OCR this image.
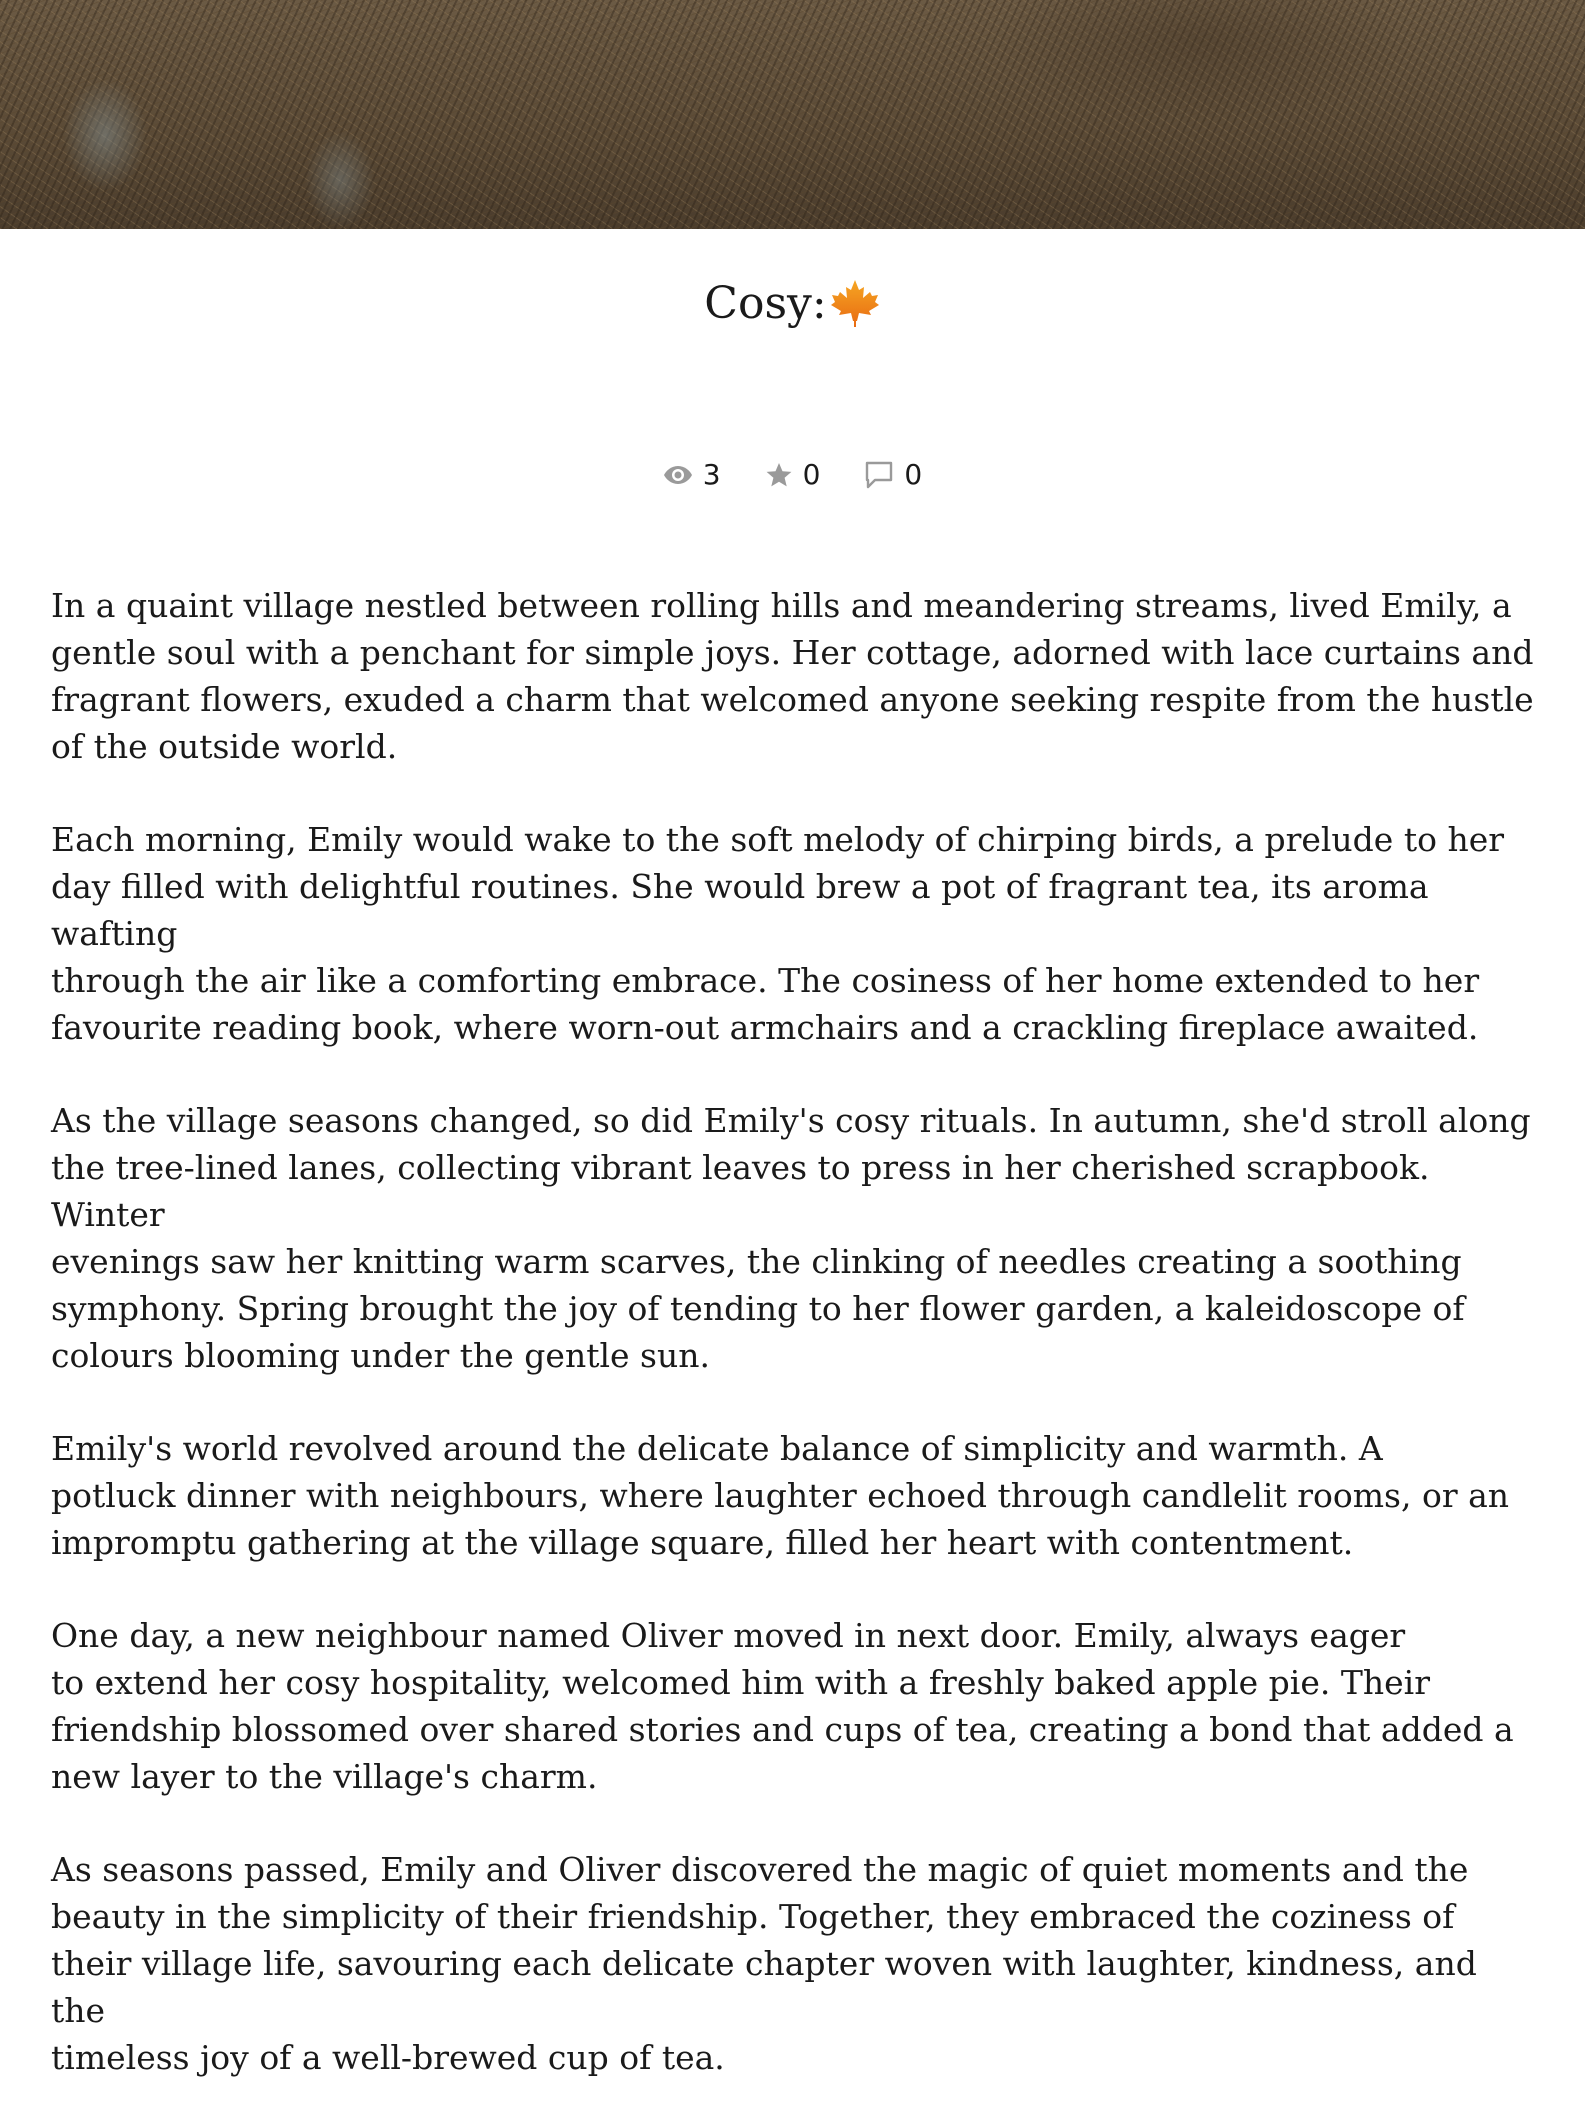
Cosy:
3	0	0

In a quaint village nestled between rolling hills and meandering streams, lived Emily, a
gentle soul with a penchant for simple joys. Her cottage, adorned with lace curtains and
fragrant flowers, exuded a charm that welcomed anyone seeking respite from the hustle
of the outside world.

Each morning, Emily would wake to the soft melody of chirping birds, a prelude to her
day filled with delightful routines. She would brew a pot of fragrant tea, its aroma wafting
through the air like a comforting embrace. The cosiness of her home extended to her
favourite reading book, where worn-out armchairs and a crackling fireplace awaited.

As the village seasons changed, so did Emily's cosy rituals. In autumn, she'd stroll along
the tree-lined lanes, collecting vibrant leaves to press in her cherished scrapbook. Winter
evenings saw her knitting warm scarves, the clinking of needles creating a soothing
symphony. Spring brought the joy of tending to her flower garden, a kaleidoscope of
colours blooming under the gentle sun.

Emily's world revolved around the delicate balance of simplicity and warmth. A
potluck dinner with neighbours, where laughter echoed through candlelit rooms, or an
impromptu gathering at the village square, filled her heart with contentment.

One day, a new neighbour named Oliver moved in next door. Emily, always eager
to extend her cosy hospitality, welcomed him with a freshly baked apple pie. Their
friendship blossomed over shared stories and cups of tea, creating a bond that added a
new layer to the village's charm.

As seasons passed, Emily and Oliver discovered the magic of quiet moments and the
beauty in the simplicity of their friendship. Together, they embraced the coziness of
their village life, savouring each delicate chapter woven with laughter, kindness, and the
timeless joy of a well-brewed cup of tea.
